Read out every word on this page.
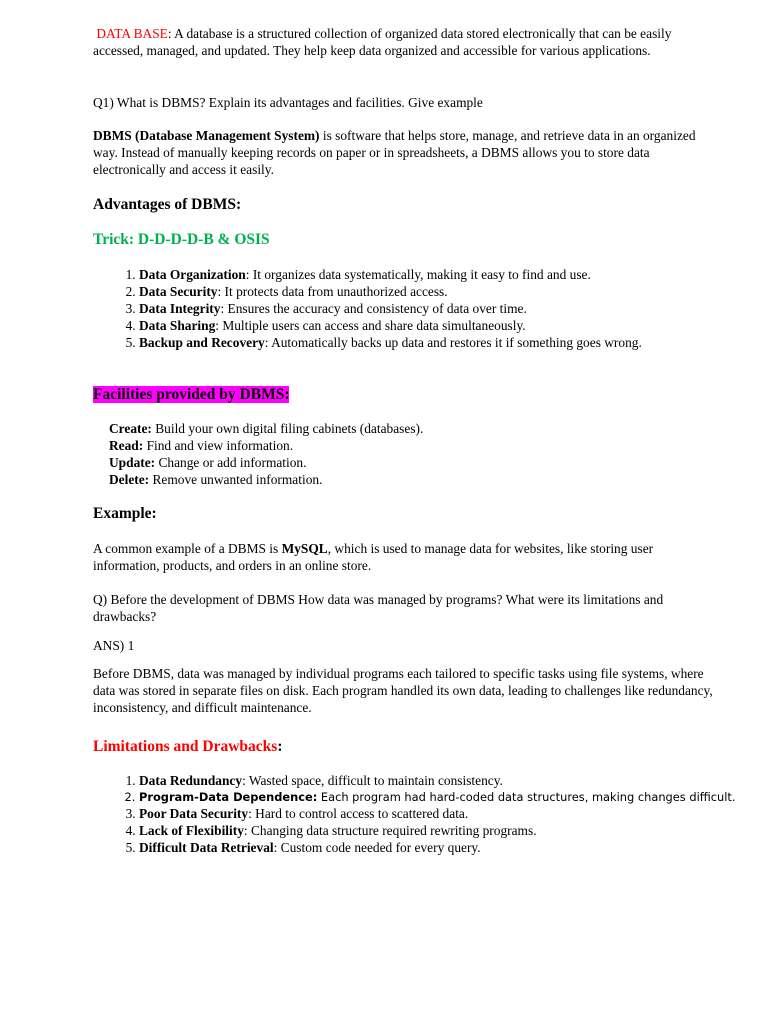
DATA BASE: A database is a structured collection of organized data stored electronically that can be easily accessed, managed, and updated. They help keep data organized and accessible for various applications.

Q1) What is DBMS? Explain its advantages and facilities. Give example

DBMS (Database Management System) is software that helps store, manage, and retrieve data in an organized way. Instead of manually keeping records on paper or in spreadsheets, a DBMS allows you to store data electronically and access it easily.

Advantages of DBMS:

Trick: D-D-D-D-B & OSIS

1. Data Organization: It organizes data systematically, making it easy to find and use.
2. Data Security: It protects data from unauthorized access.
3. Data Integrity: Ensures the accuracy and consistency of data over time.
4. Data Sharing: Multiple users can access and share data simultaneously.
5. Backup and Recovery: Automatically backs up data and restores it if something goes wrong.

Facilities provided by DBMS:

Create: Build your own digital filing cabinets (databases).

Read: Find and view information.

Update: Change or add information.

Delete: Remove unwanted information.

Example:

A common example of a DBMS is MySQL, which is used to manage data for websites, like storing user information, products, and orders in an online store.

Q) Before the development of DBMS How data was managed by programs? What were its limitations and drawbacks?

ANS) 1

Before DBMS, data was managed by individual programs each tailored to specific tasks using file systems, where data was stored in separate files on disk. Each program handled its own data, leading to challenges like redundancy, inconsistency, and difficult maintenance.

Limitations and Drawbacks:

1. Data Redundancy: Wasted space, difficult to maintain consistency.
2. Program-Data Dependence: Each program had hard-coded data structures, making changes difficult.
3. Poor Data Security: Hard to control access to scattered data.
4. Lack of Flexibility: Changing data structure required rewriting programs.
5. Difficult Data Retrieval: Custom code needed for every query.
